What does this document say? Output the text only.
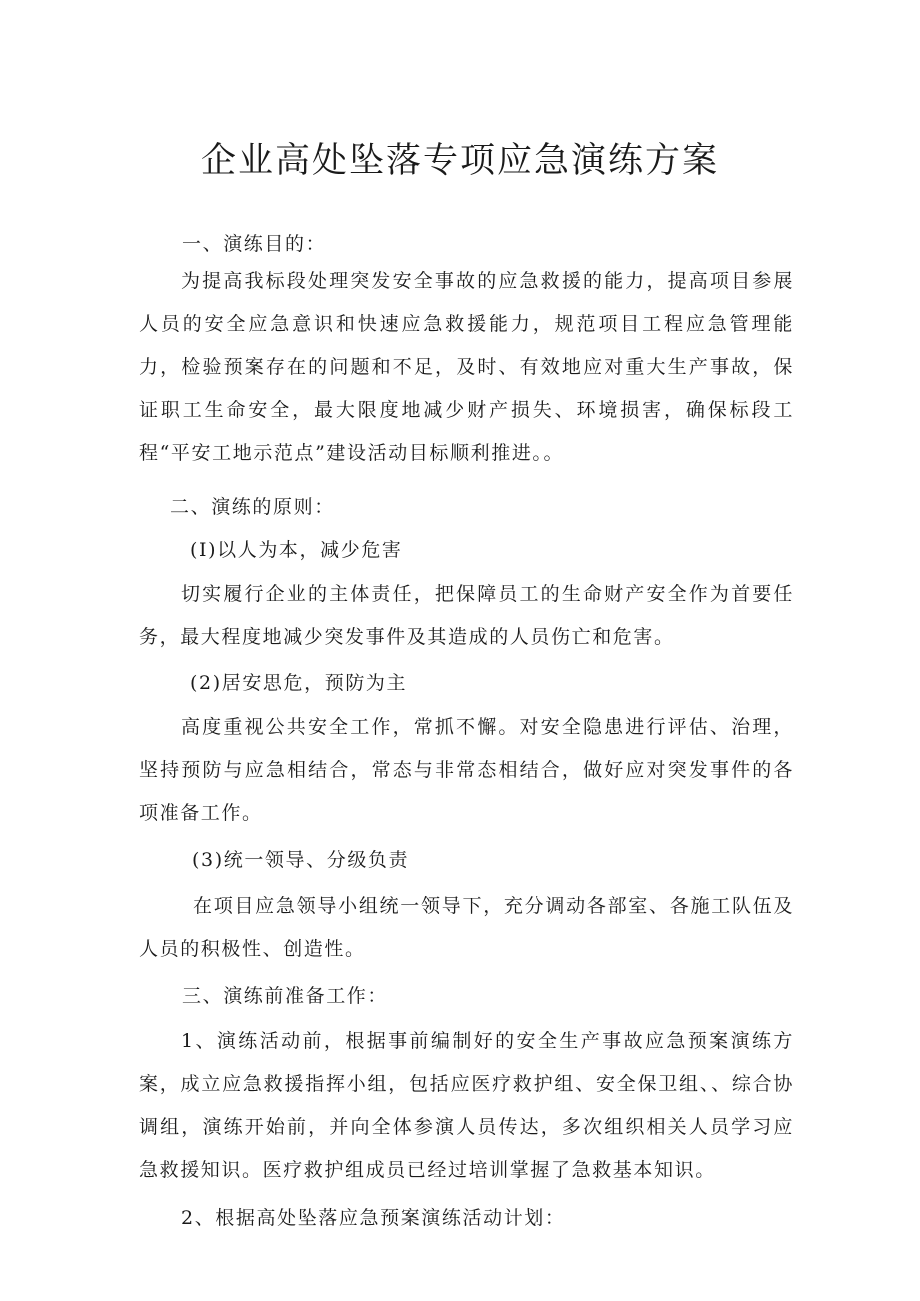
企业高处坠落专项应急演练方案

一、演练目的：

为提高我标段处理突发安全事故的应急救援的能力，提高项目参展人员的安全应急意识和快速应急救援能力，规范项目工程应急管理能力，检验预案存在的问题和不足，及时、有效地应对重大生产事故，保证职工生命安全，最大限度地减少财产损失、环境损害，确保标段工程“平安工地示范点”建设活动目标顺利推进。。

二、演练的原则：

(I)以人为本，减少危害

切实履行企业的主体责任，把保障员工的生命财产安全作为首要任务，最大程度地减少突发事件及其造成的人员伤亡和危害。

(2)居安思危，预防为主

高度重视公共安全工作，常抓不懈。对安全隐患进行评估、治理，坚持预防与应急相结合，常态与非常态相结合，做好应对突发事件的各项准备工作。

(3)统一领导、分级负责

在项目应急领导小组统一领导下，充分调动各部室、各施工队伍及人员的积极性、创造性。

三、演练前准备工作：

1、演练活动前，根据事前编制好的安全生产事故应急预案演练方案，成立应急救援指挥小组，包括应医疗救护组、安全保卫组、、综合协调组，演练开始前，并向全体参演人员传达，多次组织相关人员学习应急救援知识。医疗救护组成员已经过培训掌握了急救基本知识。

2、根据高处坠落应急预案演练活动计划：
